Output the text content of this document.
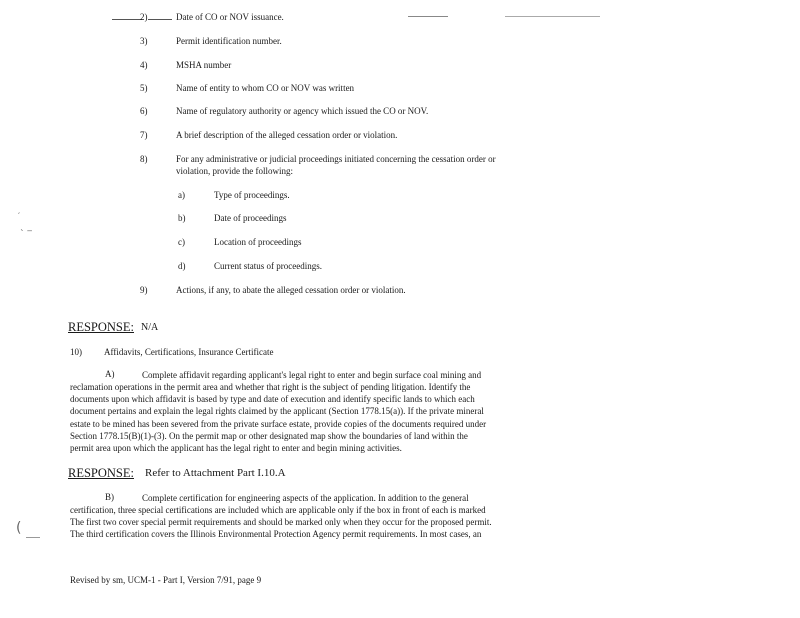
′
ˎ _
(
2)	Date of CO or NOV issuance.
3)	Permit identification number.
4)	MSHA number
5)	Name of entity to whom CO or NOV was written
6)	Name of regulatory authority or agency which issued the CO or NOV.
7)	A brief description of the alleged cessation order or violation.
8)	For any administrative or judicial proceedings initiated concerning the cessation order or
violation, provide the following:
a)	Type of proceedings.
b)	Date of proceedings
c)	Location of proceedings
d)	Current status of proceedings.
9)	Actions, if any, to abate the alleged cessation order or violation.
RESPONSE: N/A
10) Affidavits, Certifications, Insurance Certificate
A)	Complete affidavit regarding applicant's legal right to enter and begin surface coal mining and
reclamation operations in the permit area and whether that right is the subject of pending litigation. Identify the
documents upon which affidavit is based by type and date of execution and identify specific lands to which each
document pertains and explain the legal rights claimed by the applicant (Section 1778.15(a)). If the private mineral
estate to be mined has been severed from the private surface estate, provide copies of the documents required under
Section 1778.15(B)(1)-(3). On the permit map or other designated map show the boundaries of land within the
permit area upon which the applicant has the legal right to enter and begin mining activities.
RESPONSE: Refer to Attachment Part I.10.A
B)	Complete certification for engineering aspects of the application. In addition to the general
certification, three special certifications are included which are applicable only if the box in front of each is marked
The first two cover special permit requirements and should be marked only when they occur for the proposed permit.
The third certification covers the Illinois Environmental Protection Agency permit requirements. In most cases, an
Revised by sm, UCM-1 - Part I, Version 7/91, page 9
